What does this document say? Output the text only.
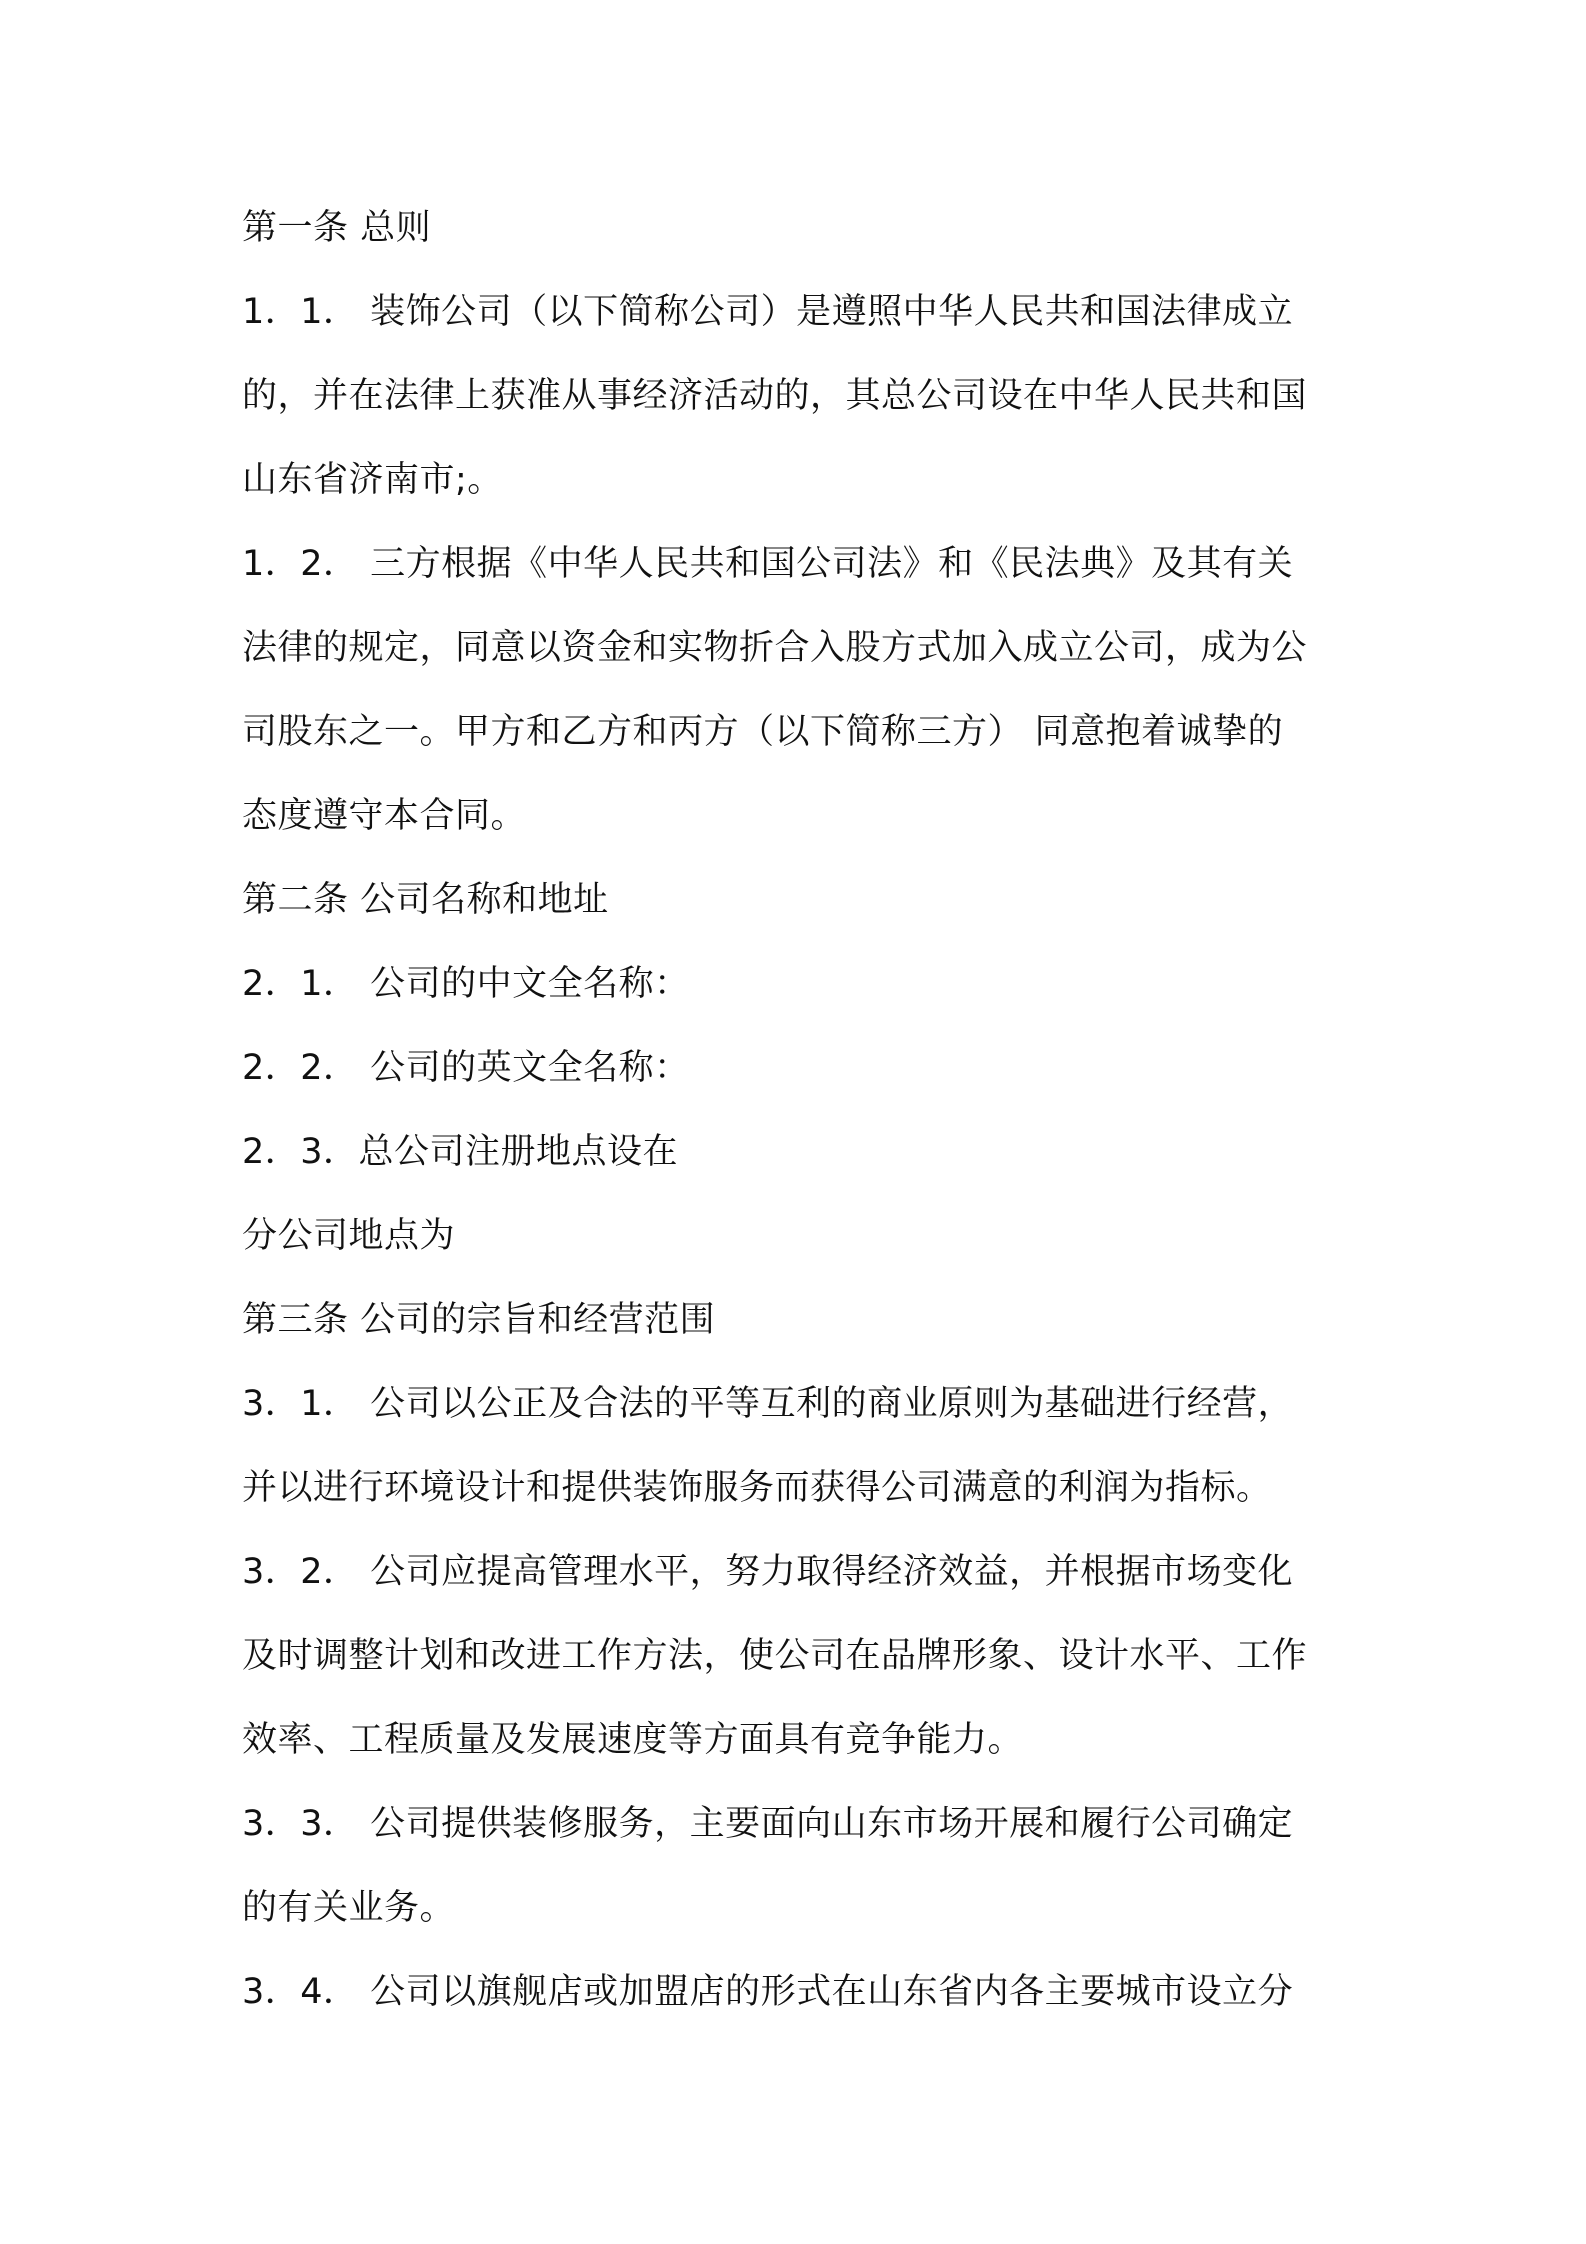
第一条 总则
1．1． 装饰公司（以下简称公司）是遵照中华人民共和国法律成立
的，并在法律上获准从事经济活动的，其总公司设在中华人民共和国
山东省济南市;。
1．2． 三方根据《中华人民共和国公司法》和《民法典》及其有关
法律的规定，同意以资金和实物折合入股方式加入成立公司，成为公
司股东之一。甲方和乙方和丙方（以下简称三方） 同意抱着诚挚的
态度遵守本合同。
第二条 公司名称和地址
2．1． 公司的中文全名称：
2．2． 公司的英文全名称：
2．3．总公司注册地点设在
分公司地点为
第三条 公司的宗旨和经营范围
3．1． 公司以公正及合法的平等互利的商业原则为基础进行经营，
并以进行环境设计和提供装饰服务而获得公司满意的利润为指标。
3．2． 公司应提高管理水平，努力取得经济效益，并根据市场变化
及时调整计划和改进工作方法，使公司在品牌形象、设计水平、工作
效率、工程质量及发展速度等方面具有竞争能力。
3．3． 公司提供装修服务，主要面向山东市场开展和履行公司确定
的有关业务。
3．4． 公司以旗舰店或加盟店的形式在山东省内各主要城市设立分
